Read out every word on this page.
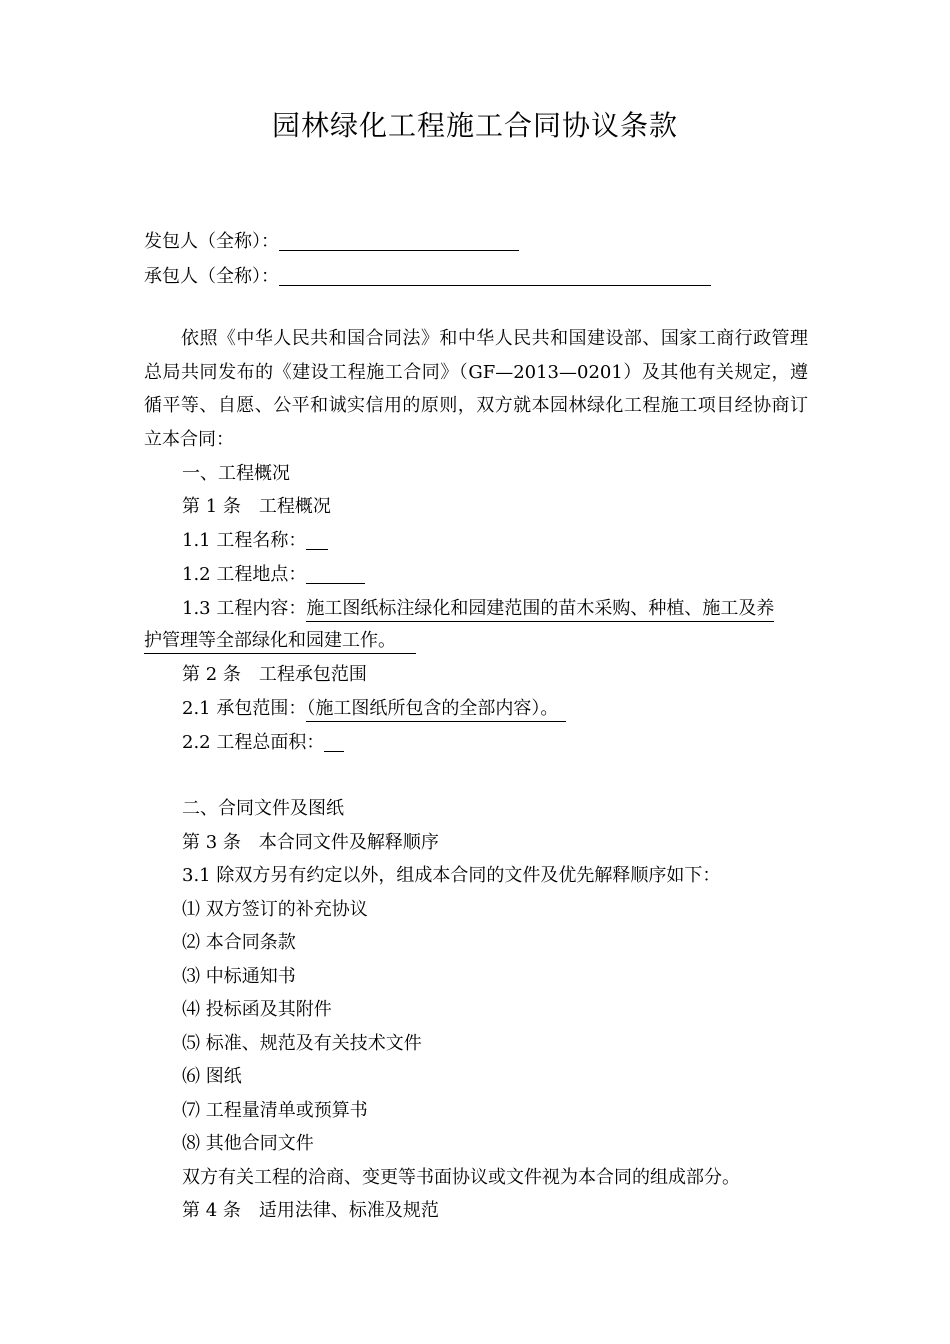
园林绿化工程施工合同协议条款
发包人（全称）：
承包人（全称）：
依照《中华人民共和国合同法》和中华人民共和国建设部、国家工商行政管理总局共同发布的《建设工程施工合同》（GF—2013—0201）及其他有关规定，遵循平等、自愿、公平和诚实信用的原则，双方就本园林绿化工程施工项目经协商订立本合同：
一、工程概况
第 1 条　工程概况
1.1 工程名称：
1.2 工程地点：
1.3 工程内容：施工图纸标注绿化和园建范围的苗木采购、种植、施工及养
护管理等全部绿化和园建工作。
第 2 条　工程承包范围
2.1 承包范围：（施工图纸所包含的全部内容）。
2.2 工程总面积：
二、合同文件及图纸
第 3 条　本合同文件及解释顺序
3.1 除双方另有约定以外，组成本合同的文件及优先解释顺序如下：
⑴ 双方签订的补充协议
⑵ 本合同条款
⑶ 中标通知书
⑷ 投标函及其附件
⑸ 标准、规范及有关技术文件
⑹ 图纸
⑺ 工程量清单或预算书
⑻ 其他合同文件
双方有关工程的洽商、变更等书面协议或文件视为本合同的组成部分。
第 4 条　适用法律、标准及规范
